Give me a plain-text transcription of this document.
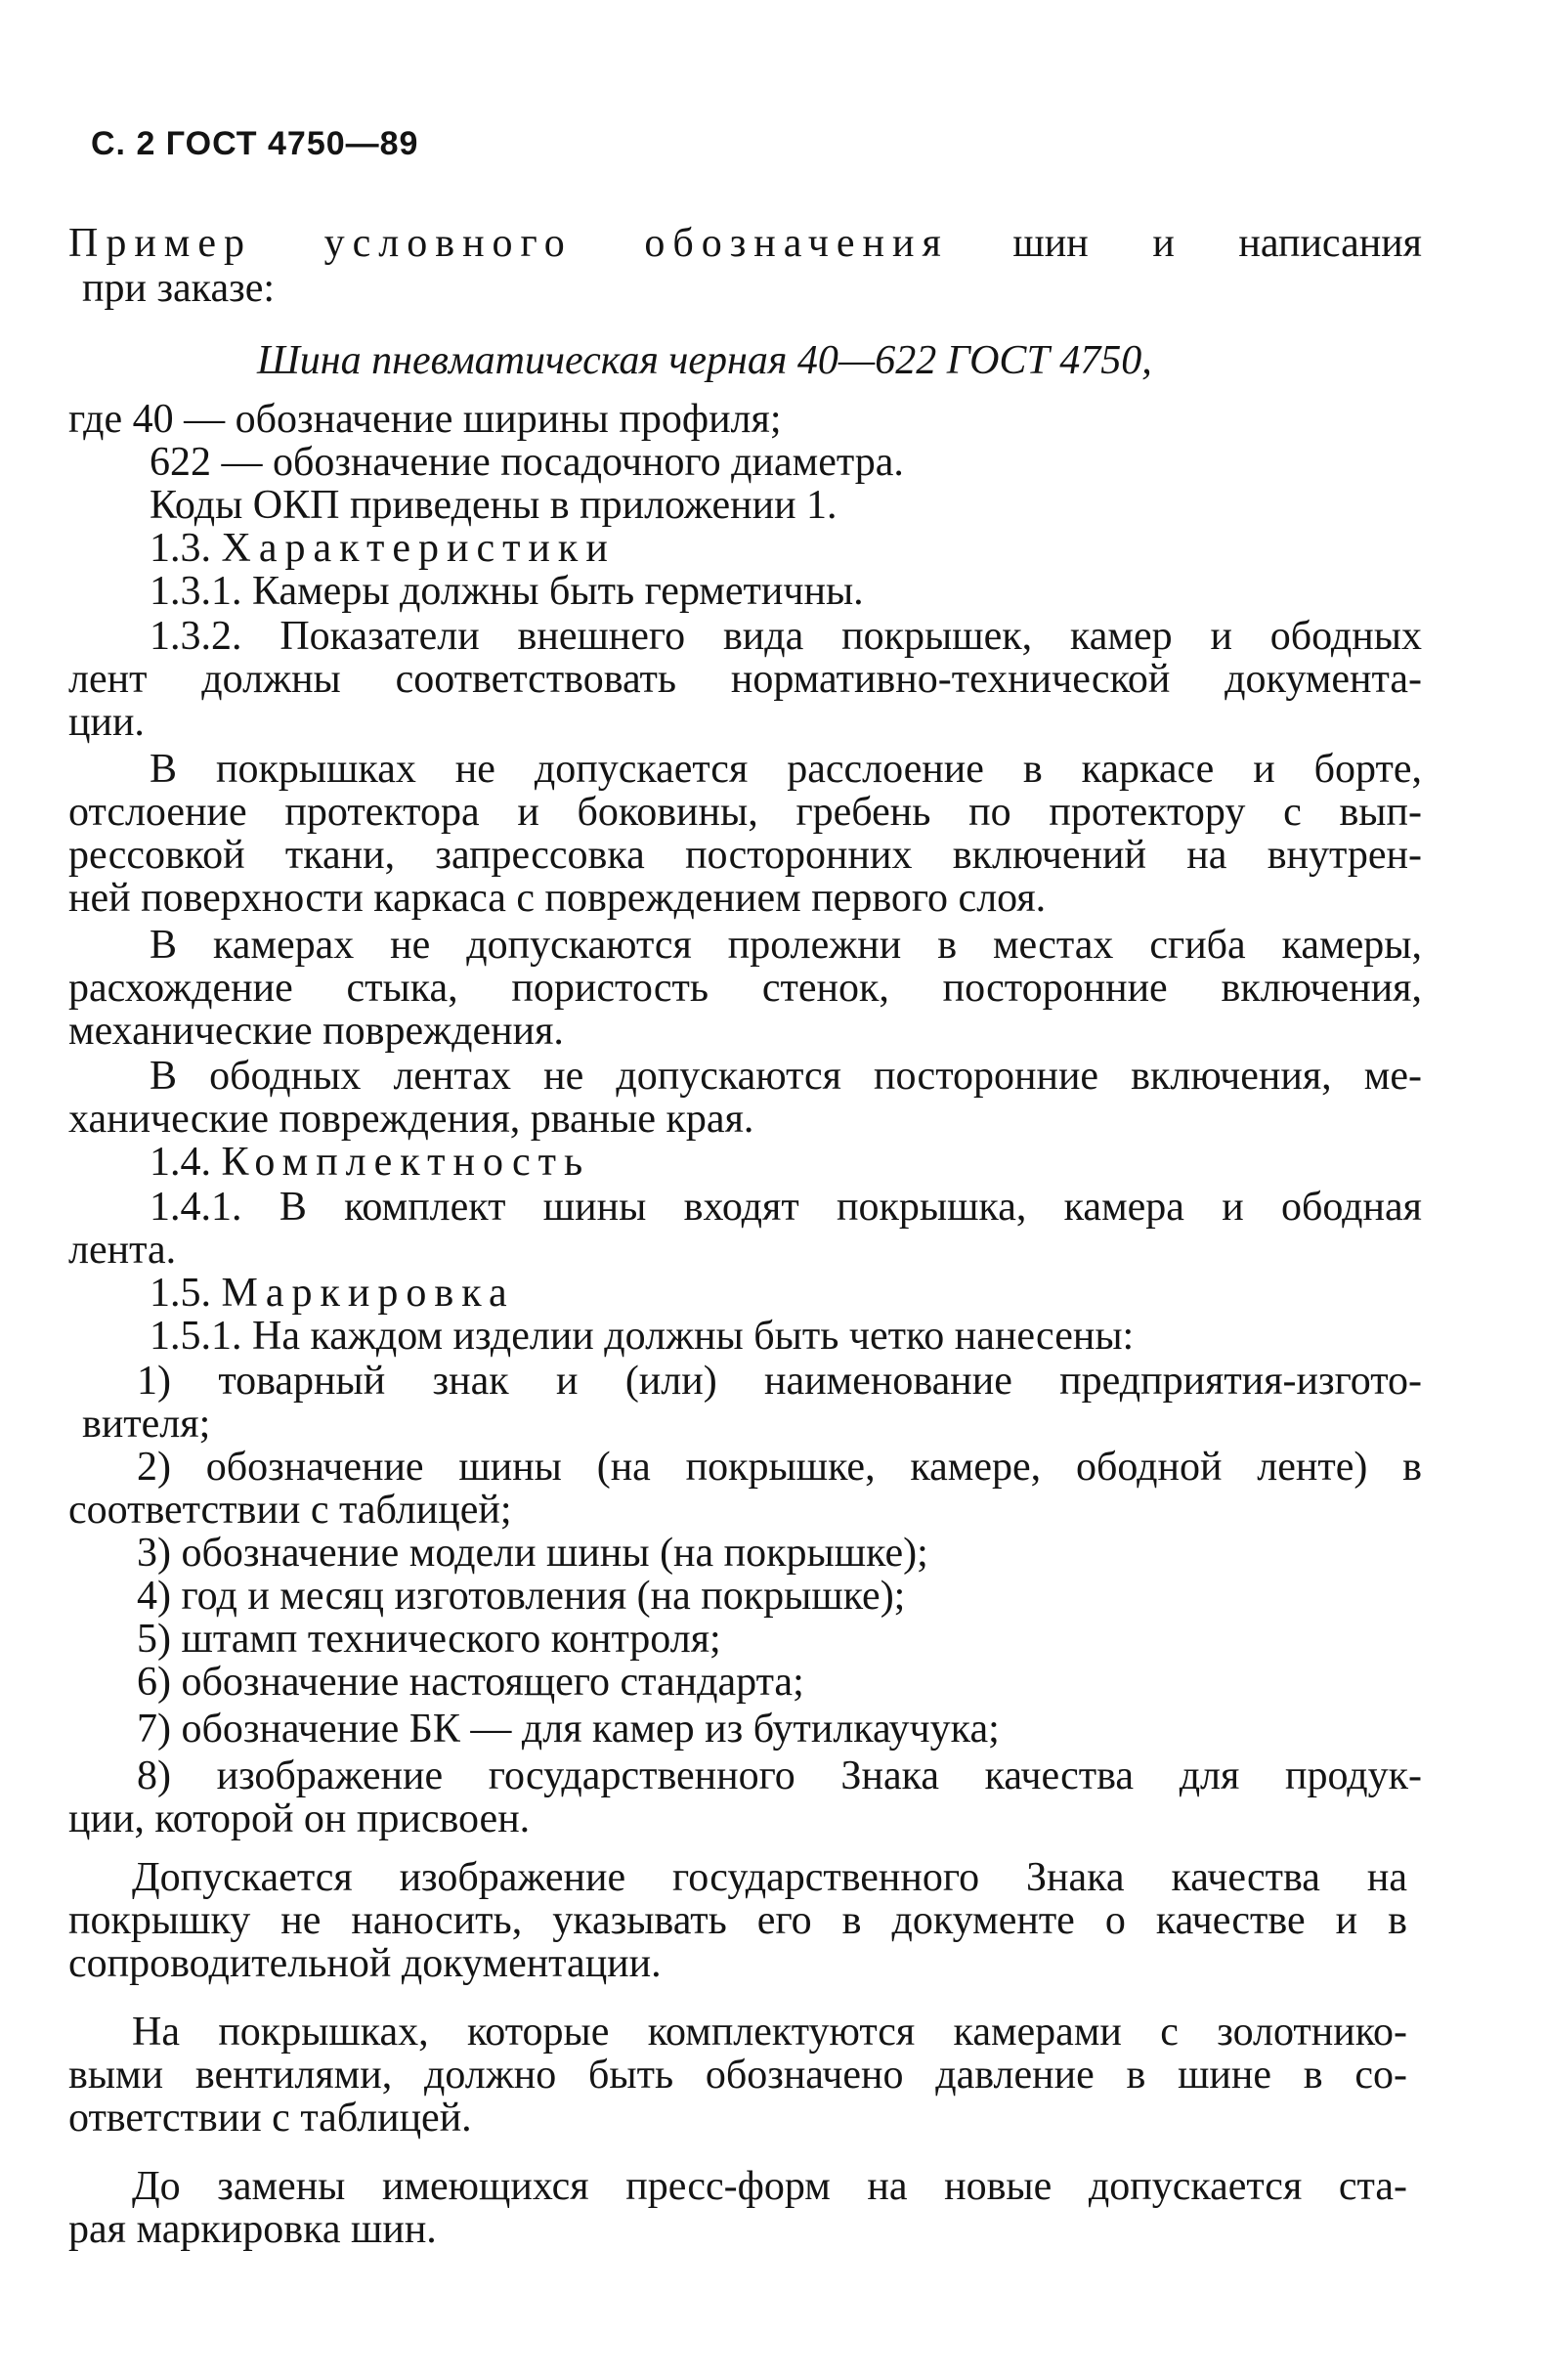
С. 2 ГОСТ 4750—89
Пример условного обозначения шин и написания
при заказе:
Шина пневматическая черная 40—622 ГОСТ 4750,
где 40 — обозначение ширины профиля;
622 — обозначение посадочного диаметра.
Коды ОКП приведены в приложении 1.
1.3. Характеристики
1.3.1. Камеры должны быть герметичны.
1.3.2. Показатели внешнего вида покрышек, камер и ободных
лент должны соответствовать нормативно-технической документа-
ции.
В покрышках не допускается расслоение в каркасе и борте,
отслоение протектора и боковины, гребень по протектору с вып-
рессовкой ткани, запрессовка посторонних включений на внутрен-
ней поверхности каркаса с повреждением первого слоя.
В камерах не допускаются пролежни в местах сгиба камеры,
расхождение стыка, пористость стенок, посторонние включения,
механические повреждения.
В ободных лентах не допускаются посторонние включения, ме-
ханические повреждения, рваные края.
1.4. Комплектность
1.4.1. В комплект шины входят покрышка, камера и ободная
лента.
1.5. Маркировка
1.5.1. На каждом изделии должны быть четко нанесены:
1) товарный знак и (или) наименование предприятия-изгото-
вителя;
2) обозначение шины (на покрышке, камере, ободной ленте) в
соответствии с таблицей;
3) обозначение модели шины (на покрышке);
4) год и месяц изготовления (на покрышке);
5) штамп технического контроля;
6) обозначение настоящего стандарта;
7) обозначение БК — для камер из бутилкаучука;
8) изображение государственного Знака качества для продук-
ции, которой он присвоен.
Допускается изображение государственного Знака качества на
покрышку не наносить, указывать его в документе о качестве и в
сопроводительной документации.
На покрышках, которые комплектуются камерами с золотнико-
выми вентилями, должно быть обозначено давление в шине в со-
ответствии с таблицей.
До замены имеющихся пресс-форм на новые допускается ста-
рая маркировка шин.
